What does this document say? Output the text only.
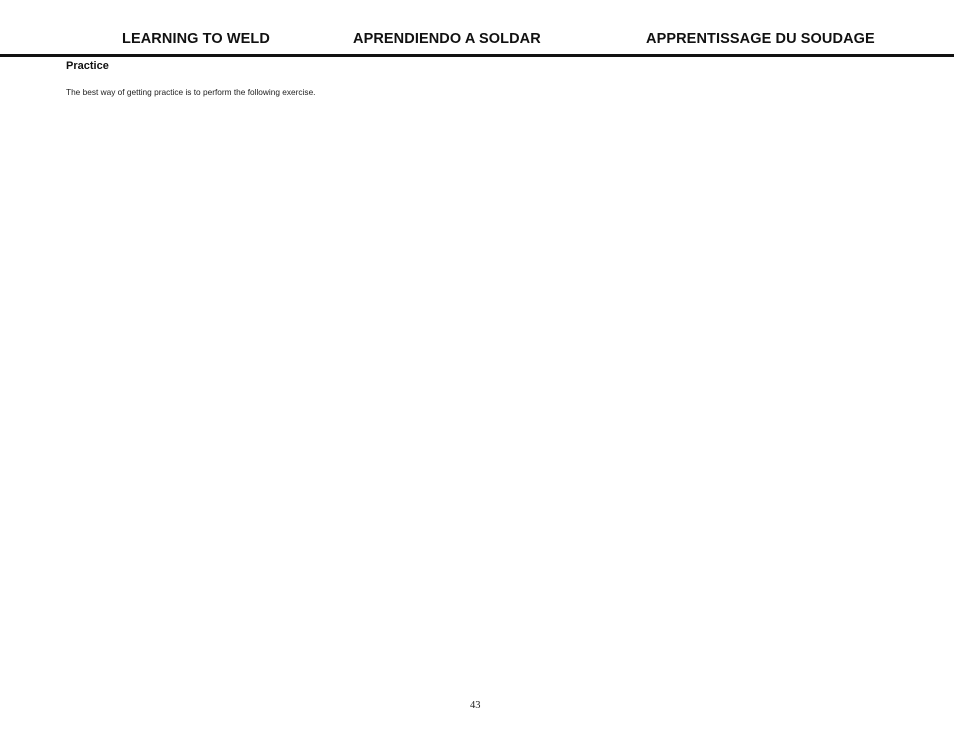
LEARNING TO WELD	APRENDIENDO A SOLDAR	APPRENTISSAGE DU SOUDAGE
Practice
The best way of getting practice is to perform the following exercise.
43
